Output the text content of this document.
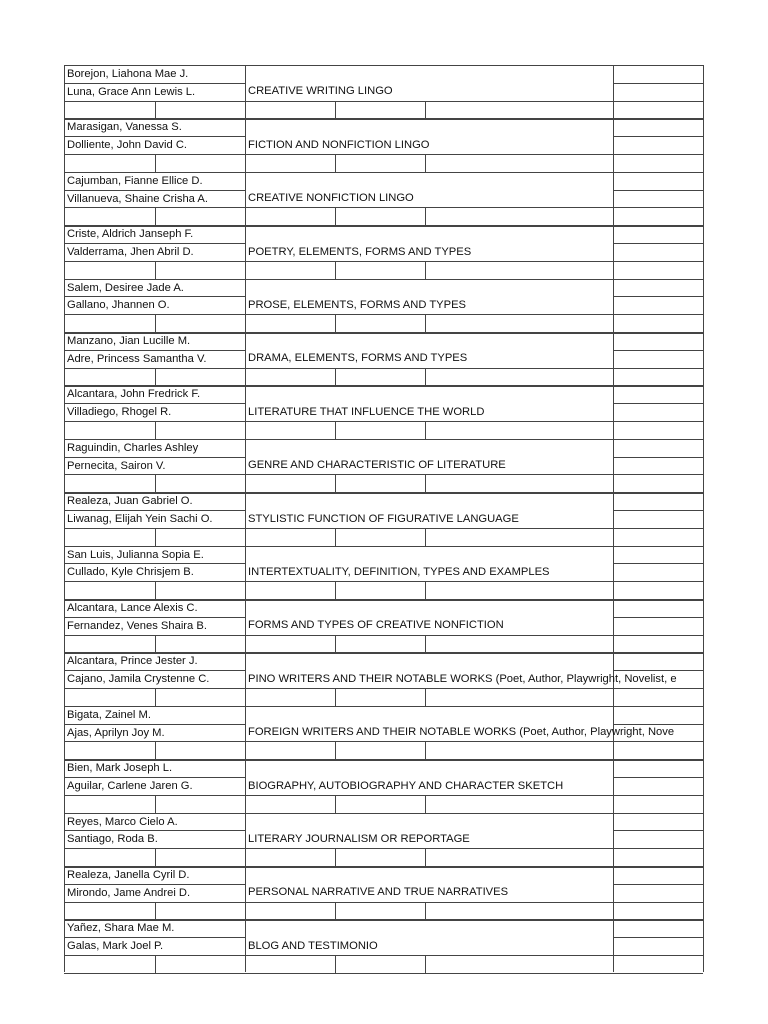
Borejon, Liahona Mae J.
Luna, Grace Ann Lewis L.	CREATIVE WRITING LINGO
Marasigan, Vanessa S.
Dolliente, John David C.	FICTION AND NONFICTION LINGO
Cajumban, Fianne Ellice D.
Villanueva, Shaine Crisha A.	CREATIVE NONFICTION LINGO
Criste, Aldrich Janseph F.
Valderrama, Jhen Abril D.	POETRY, ELEMENTS, FORMS AND TYPES
Salem, Desiree Jade A.
Gallano, Jhannen O.	PROSE, ELEMENTS, FORMS AND TYPES
Manzano, Jian Lucille M.
Adre, Princess Samantha V.	DRAMA, ELEMENTS, FORMS AND TYPES
Alcantara, John Fredrick F.
Villadiego, Rhogel R.	LITERATURE THAT INFLUENCE THE WORLD
Raguindin, Charles Ashley
Pernecita, Sairon V.	GENRE AND CHARACTERISTIC OF LITERATURE
Realeza, Juan Gabriel O.
Liwanag, Elijah Yein Sachi O.	STYLISTIC FUNCTION OF FIGURATIVE LANGUAGE
San Luis, Julianna Sopia E.
Cullado, Kyle Chrisjem B.	INTERTEXTUALITY, DEFINITION, TYPES AND EXAMPLES
Alcantara, Lance Alexis C.
Fernandez, Venes Shaira B.	FORMS AND TYPES OF CREATIVE NONFICTION
Alcantara, Prince Jester J.
Cajano, Jamila Crystenne C.	PINO WRITERS AND THEIR NOTABLE WORKS (Poet, Author, Playwright, Novelist, e
Bigata, Zainel M.
Ajas, Aprilyn Joy M.	FOREIGN WRITERS AND THEIR NOTABLE WORKS (Poet, Author, Playwright, Nove
Bien, Mark Joseph L.
Aguilar, Carlene Jaren G.	BIOGRAPHY, AUTOBIOGRAPHY AND CHARACTER SKETCH
Reyes, Marco Cielo A.
Santiago, Roda B.	LITERARY JOURNALISM OR REPORTAGE
Realeza, Janella Cyril D.
Mirondo, Jame Andrei D.	PERSONAL NARRATIVE AND TRUE NARRATIVES
Yañez, Shara Mae M.
Galas, Mark Joel P.	BLOG AND TESTIMONIO
